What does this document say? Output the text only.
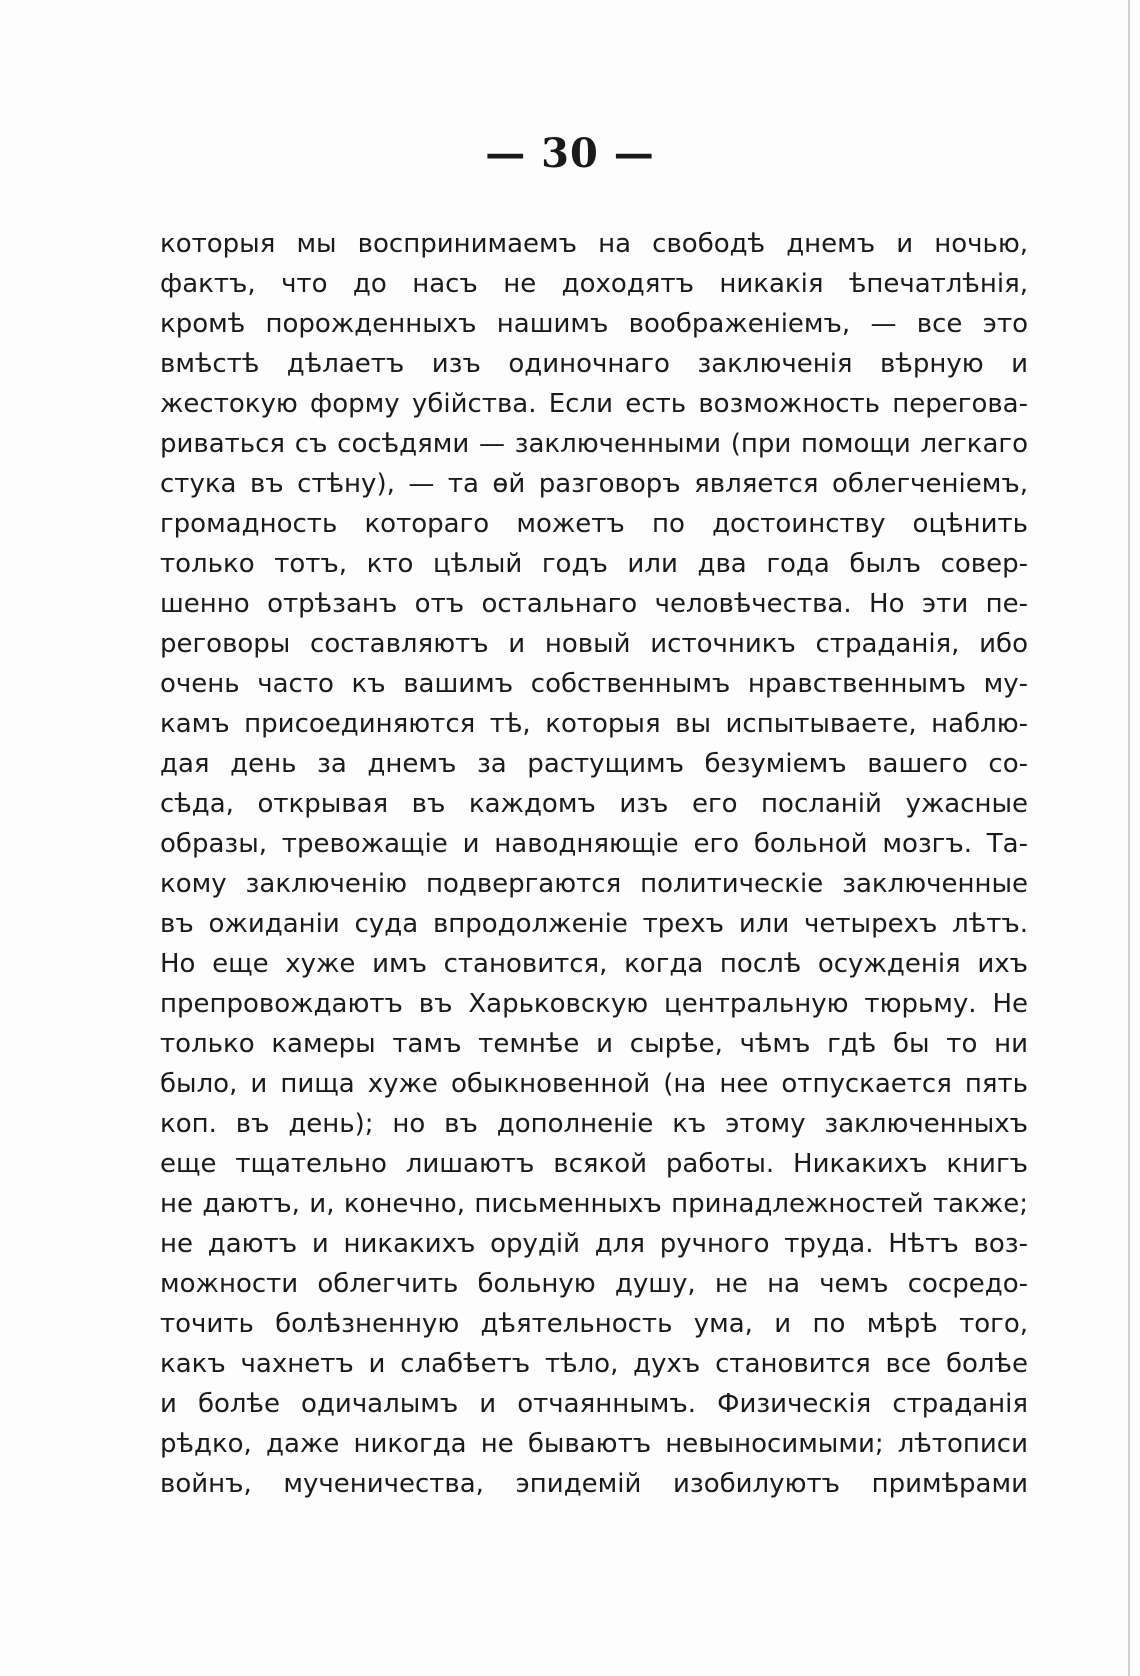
— 30 —
которыя мы воспринимаемъ на свободѣ днемъ и ночью,
фактъ, что до насъ не доходятъ никакія ѣпечатлѣнія,
кромѣ порожденныхъ нашимъ воображеніемъ, — все это
вмѣстѣ дѣлаетъ изъ одиночнаго заключенія вѣрную и
жестокую форму убійства. Если есть возможность перегова-
риваться съ сосѣдями — заключенными (при помощи легкаго
стука въ стѣну), — та ѳй разговоръ является облегченіемъ,
громадность котораго можетъ по достоинству оцѣнить
только тотъ, кто цѣлый годъ или два года былъ совер-
шенно отрѣзанъ отъ остальнаго человѣчества. Но эти пе-
реговоры составляютъ и новый источникъ страданія, ибо
очень часто къ вашимъ собственнымъ нравственнымъ му-
камъ присоединяются тѣ, которыя вы испытываете, наблю-
дая день за днемъ за растущимъ безуміемъ вашего со-
сѣда, открывая въ каждомъ изъ его посланій ужасные
образы, тревожащіе и наводняющіе его больной мозгъ. Та-
кому заключенію подвергаются политическіе заключенные
въ ожиданіи суда впродолженіе трехъ или четырехъ лѣтъ.
Но еще хуже имъ становится, когда послѣ осужденія ихъ
препровождаютъ въ Харьковскую центральную тюрьму. Не
только камеры тамъ темнѣе и сырѣе, чѣмъ гдѣ бы то ни
было, и пища хуже обыкновенной (на нее отпускается пять
коп. въ день); но въ дополненіе къ этому заключенныхъ
еще тщательно лишаютъ всякой работы. Никакихъ книгъ
не даютъ, и, конечно, письменныхъ принадлежностей также;
не даютъ и никакихъ орудій для ручного труда. Нѣтъ воз-
можности облегчить больную душу, не на чемъ сосредо-
точить болѣзненную дѣятельность ума, и по мѣрѣ того,
какъ чахнетъ и слабѣетъ тѣло, духъ становится все болѣе
и болѣе одичалымъ и отчаяннымъ. Физическія страданія
рѣдко, даже никогда не бываютъ невыносимыми; лѣтописи
войнъ, мученичества, эпидемій изобилуютъ примѣрами
